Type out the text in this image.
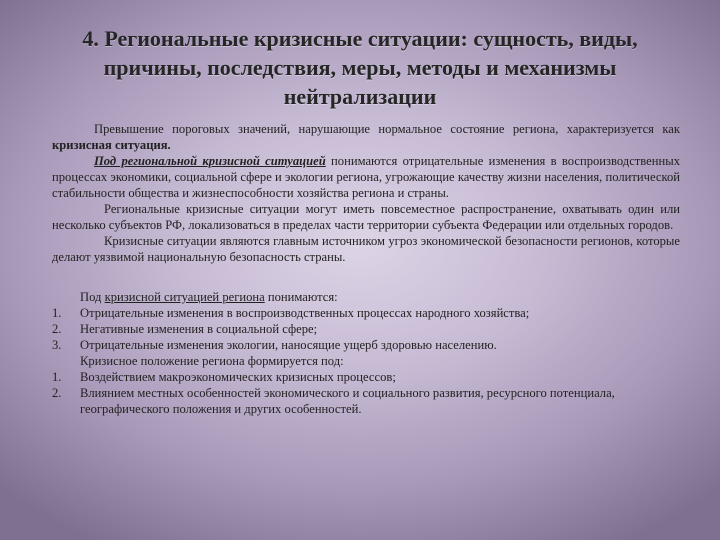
4. Региональные кризисные ситуации: сущность, виды, причины, последствия, меры, методы и механизмы нейтрализации

Превышение пороговых значений, нарушающие нормальное состояние региона, характеризуется как кризисная ситуация.

Под региональной кризисной ситуацией понимаются отрицательные изменения в воспроизводственных процессах экономики, социальной сфере и экологии региона, угрожающие качеству жизни населения, политической стабильности общества и жизнеспособности хозяйства региона и страны.

Региональные кризисные ситуации могут иметь повсеместное распространение, охватывать один или несколько субъектов РФ, локализоваться в пределах части территории субъекта Федерации или отдельных городов.

Кризисные ситуации являются главным источником угроз экономической безопасности регионов, которые делают уязвимой национальную безопасность страны.

Под кризисной ситуацией региона понимаются:

1. Отрицательные изменения в воспроизводственных процессах народного хозяйства;
2. Негативные изменения в социальной сфере;
3. Отрицательные изменения экологии, наносящие ущерб здоровью населению.

Кризисное положение региона формируется под:

1. Воздействием макроэкономических кризисных процессов;
2. Влиянием местных особенностей экономического и социального развития, ресурсного потенциала, географического положения и других особенностей.
